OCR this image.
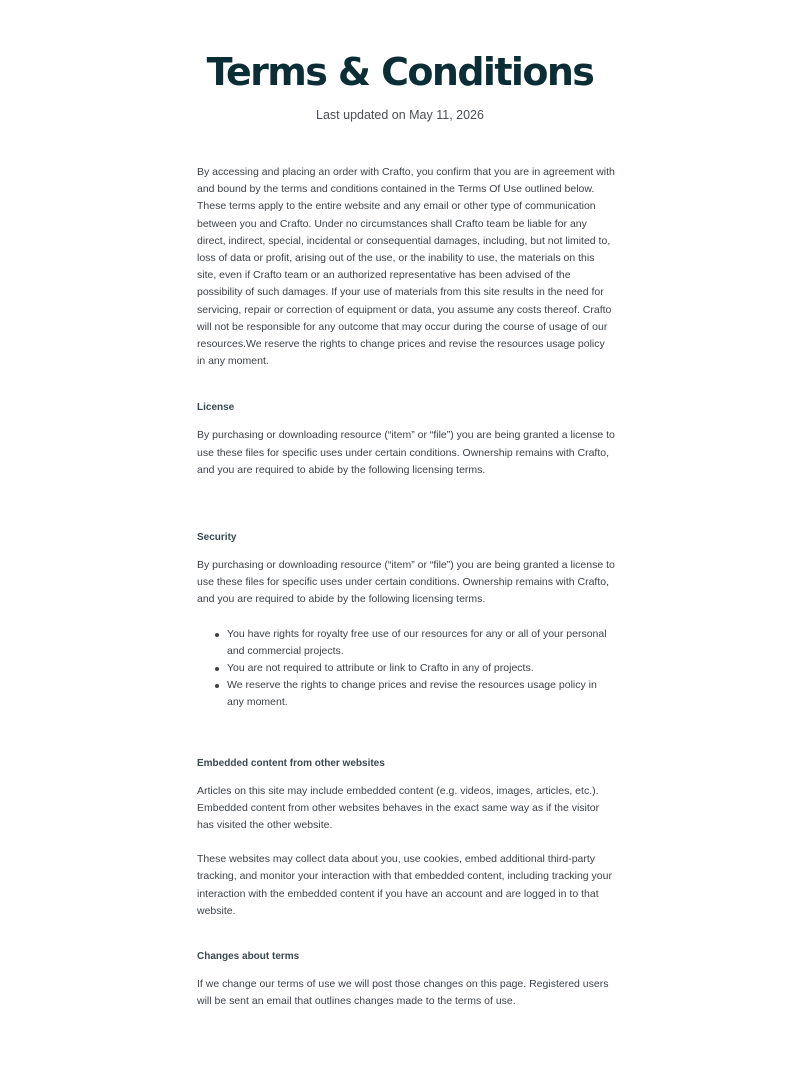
Terms & Conditions
Last updated on May 11, 2026

By accessing and placing an order with Crafto, you confirm that you are in agreement with and bound by the terms and conditions contained in the Terms Of Use outlined below. These terms apply to the entire website and any email or other type of communication between you and Crafto. Under no circumstances shall Crafto team be liable for any direct, indirect, special, incidental or consequential damages, including, but not limited to, loss of data or profit, arising out of the use, or the inability to use, the materials on this site, even if Crafto team or an authorized representative has been advised of the possibility of such damages. If your use of materials from this site results in the need for servicing, repair or correction of equipment or data, you assume any costs thereof. Crafto will not be responsible for any outcome that may occur during the course of usage of our resources.We reserve the rights to change prices and revise the resources usage policy in any moment.

License

By purchasing or downloading resource (“item” or “file”) you are being granted a license to use these files for specific uses under certain conditions. Ownership remains with Crafto, and you are required to abide by the following licensing terms.

Security

By purchasing or downloading resource (“item” or “file”) you are being granted a license to use these files for specific uses under certain conditions. Ownership remains with Crafto, and you are required to abide by the following licensing terms.

You have rights for royalty free use of our resources for any or all of your personal and commercial projects.
You are not required to attribute or link to Crafto in any of projects.
We reserve the rights to change prices and revise the resources usage policy in any moment.

Embedded content from other websites

Articles on this site may include embedded content (e.g. videos, images, articles, etc.). Embedded content from other websites behaves in the exact same way as if the visitor has visited the other website.

These websites may collect data about you, use cookies, embed additional third-party tracking, and monitor your interaction with that embedded content, including tracking your interaction with the embedded content if you have an account and are logged in to that website.

Changes about terms

If we change our terms of use we will post those changes on this page. Registered users will be sent an email that outlines changes made to the terms of use.
